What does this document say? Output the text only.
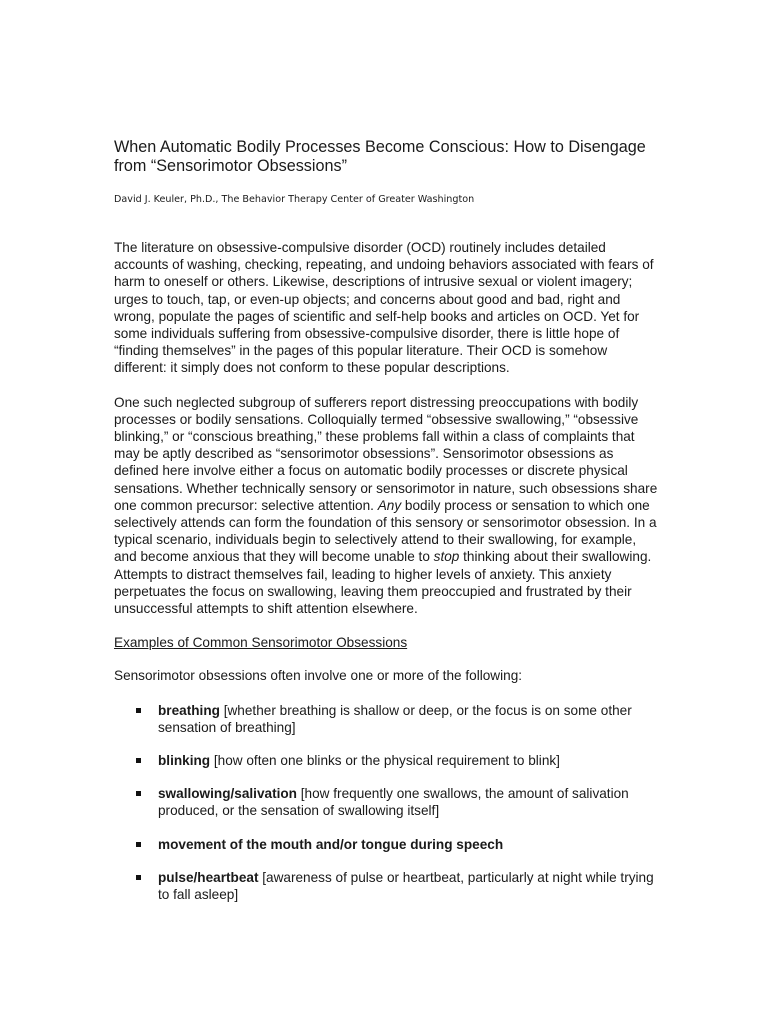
When Automatic Bodily Processes Become Conscious: How to Disengage from “Sensorimotor Obsessions”
David J. Keuler, Ph.D., The Behavior Therapy Center of Greater Washington

The literature on obsessive-compulsive disorder (OCD) routinely includes detailed accounts of washing, checking, repeating, and undoing behaviors associated with fears of harm to oneself or others. Likewise, descriptions of intrusive sexual or violent imagery; urges to touch, tap, or even-up objects; and concerns about good and bad, right and wrong, populate the pages of scientific and self-help books and articles on OCD. Yet for some individuals suffering from obsessive-compulsive disorder, there is little hope of “finding themselves” in the pages of this popular literature. Their OCD is somehow different: it simply does not conform to these popular descriptions.

One such neglected subgroup of sufferers report distressing preoccupations with bodily processes or bodily sensations. Colloquially termed “obsessive swallowing,” “obsessive blinking,” or “conscious breathing,” these problems fall within a class of complaints that may be aptly described as “sensorimotor obsessions”. Sensorimotor obsessions as defined here involve either a focus on automatic bodily processes or discrete physical sensations. Whether technically sensory or sensorimotor in nature, such obsessions share one common precursor: selective attention. Any bodily process or sensation to which one selectively attends can form the foundation of this sensory or sensorimotor obsession. In a typical scenario, individuals begin to selectively attend to their swallowing, for example, and become anxious that they will become unable to stop thinking about their swallowing. Attempts to distract themselves fail, leading to higher levels of anxiety. This anxiety perpetuates the focus on swallowing, leaving them preoccupied and frustrated by their unsuccessful attempts to shift attention elsewhere.

Examples of Common Sensorimotor Obsessions

Sensorimotor obsessions often involve one or more of the following:

breathing [whether breathing is shallow or deep, or the focus is on some other sensation of breathing]
blinking [how often one blinks or the physical requirement to blink]
swallowing/salivation [how frequently one swallows, the amount of salivation produced, or the sensation of swallowing itself]
movement of the mouth and/or tongue during speech
pulse/heartbeat [awareness of pulse or heartbeat, particularly at night while trying to fall asleep]
